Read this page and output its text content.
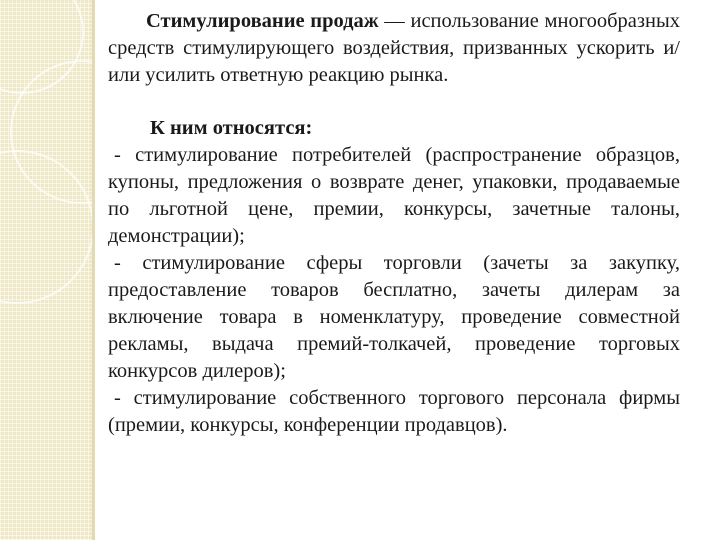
Стимулирование продаж — использование многообразных средств стимулирующего воздействия, призванных ускорить и/или усилить ответную реакцию рынка.

К ним относятся:

- стимулирование потребителей (распространение образцов, купоны, предложения о возврате денег, упаковки, продаваемые по льготной цене, премии, конкурсы, зачетные талоны, демонстрации);

- стимулирование сферы торговли (зачеты за закупку, предоставление товаров бесплатно, зачеты дилерам за включение товара в номенклатуру, проведение совместной рекламы, выдача премий-толкачей, проведение торговых конкурсов дилеров);

- стимулирование собственного торгового персонала фирмы (премии, конкурсы, конференции продавцов).
